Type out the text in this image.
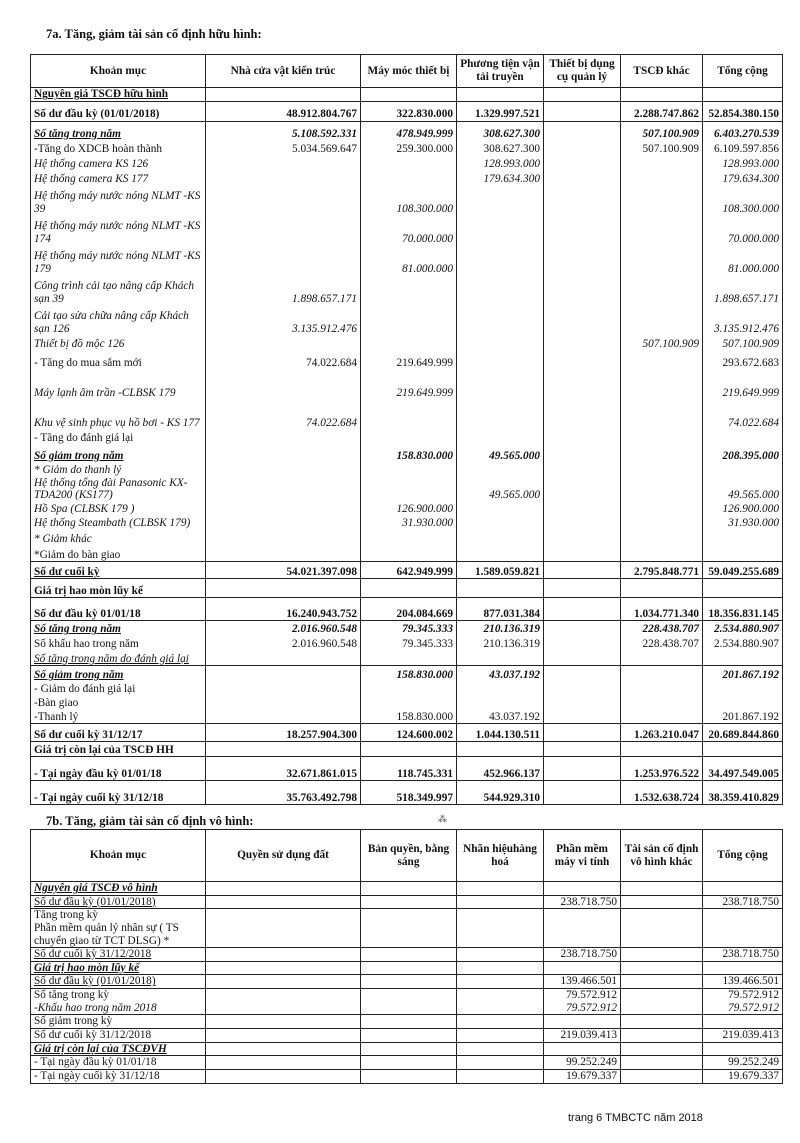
7a. Tăng, giảm tài sản cố định hữu hình:
Khoản mục	Nhà cửa vật kiến trúc	Máy móc thiết bị	Phương tiện vận tải truyền	Thiết bị dụng cụ quản lý	TSCĐ khác	Tổng cộng
Nguyên giá TSCĐ hữu hình						
Số dư đầu kỳ (01/01/2018)	48.912.804.767	322.830.000	1.329.997.521		2.288.747.862	52.854.380.150
Số tăng trong năm	5.108.592.331	478.949.999	308.627.300		507.100.909	6.403.270.539
-Tăng do XDCB hoàn thành	5.034.569.647	259.300.000	308.627.300		507.100.909	6.109.597.856
Hệ thống camera KS 126			128.993.000			128.993.000
Hệ thống camera KS 177			179.634.300			179.634.300
Hệ thống máy nước nóng NLMT -KS 39		108.300.000				108.300.000
Hệ thống máy nước nóng NLMT -KS 174		70.000.000				70.000.000
Hệ thống máy nước nóng NLMT -KS 179		81.000.000				81.000.000
Công trình cải tạo nâng cấp Khách sạn 39	1.898.657.171					1.898.657.171
Cải tạo sửa chữa nâng cấp Khách sạn 126	3.135.912.476					3.135.912.476
Thiết bị đồ mộc 126					507.100.909	507.100.909
- Tăng do mua sắm mới	74.022.684	219.649.999				293.672.683
Máy lạnh âm trần -CLBSK 179		219.649.999				219.649.999
Khu vệ sinh phục vụ hồ bơi - KS 177	74.022.684					74.022.684
- Tăng do đánh giá lại						
Số giảm trong năm		158.830.000	49.565.000			208.395.000
* Giảm do thanh lý						
Hệ thống tổng đài Panasonic KX-TDA200 (KS177)			49.565.000			49.565.000
Hồ Spa (CLBSK 179 )		126.900.000				126.900.000
Hệ thống Steambath (CLBSK 179)		31.930.000				31.930.000
* Giảm khác						
*Giảm do bàn giao						
Số dư cuối kỳ	54.021.397.098	642.949.999	1.589.059.821		2.795.848.771	59.049.255.689
Giá trị hao mòn lũy kế						
Số dư đầu kỳ 01/01/18	16.240.943.752	204.084.669	877.031.384		1.034.771.340	18.356.831.145
Số tăng trong năm	2.016.960.548	79.345.333	210.136.319		228.438.707	2.534.880.907
Số khấu hao trong năm	2.016.960.548	79.345.333	210.136.319		228.438.707	2.534.880.907
Số tăng trong năm do đánh giá lại						
Số giảm trong năm		158.830.000	43.037.192			201.867.192
- Giảm do đánh giá lại						
-Bàn giao						
-Thanh lý		158.830.000	43.037.192			201.867.192
Số dư cuối kỳ 31/12/17	18.257.904.300	124.600.002	1.044.130.511		1.263.210.047	20.689.844.860
Giá trị còn lại của TSCĐ HH						
- Tại ngày đầu kỳ 01/01/18	32.671.861.015	118.745.331	452.966.137		1.253.976.522	34.497.549.005
- Tại ngày cuối kỳ 31/12/18	35.763.492.798	518.349.997	544.929.310		1.532.638.724	38.359.410.829
7b. Tăng, giảm tài sản cố định vô hình:	⁂
Khoản mục	Quyền sử dụng đất	Bản quyền, bằng sáng	Nhãn hiệuhàng hoá	Phần mềm máy vi tính	Tài sản cố định vô hình khác	Tổng cộng
Nguyên giá TSCĐ vô hình						
Số dư đầu kỳ (01/01/2018)				238.718.750		238.718.750
Tăng trong kỳ						
Phần mềm quản lý nhân sự ( TS chuyển giao từ TCT DLSG) *						
Số dư cuối kỳ 31/12/2018				238.718.750		238.718.750
Giá trị hao mòn lũy kế						
Số dư đầu kỳ (01/01/2018)				139.466.501		139.466.501
Số tăng trong kỳ				79.572.912		79.572.912
-Khấu hao trong năm 2018				79.572.912		79.572.912
Số giảm trong kỳ						
Số dư cuối kỳ 31/12/2018				219.039.413		219.039.413
Giá trị còn lại của TSCĐVH						
- Tại ngày đầu kỳ 01/01/18				99.252.249		99.252.249
- Tại ngày cuối kỳ 31/12/18				19.679.337		19.679.337
trang 6 TMBCTC năm 2018
